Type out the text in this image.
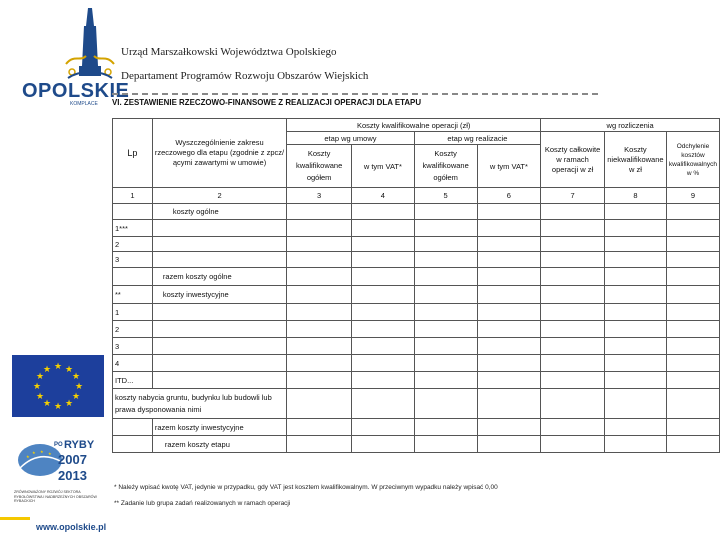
OPOLSKIE
KOMPLACE
★ ★
★
★
★
★
★
★
★
★
★
★
★
★ ★ ★
PO RYBY
2007
2013
ZRÓWNOWAŻONY ROZWÓJ SEKTORA RYBOŁÓWSTWA I NADBRZEŻNYCH OBSZARÓW RYBACKICH
www.opolskie.pl
Urząd Marszałkowski Województwa Opolskiego
Departament Programów Rozwoju Obszarów Wiejskich
VI. ZESTAWIENIE RZECZOWO-FINANSOWE Z REALIZACJI OPERACJI DLA ETAPU
Lp	Wyszczególnienie zakresu rzeczowego dla etapu (zgodnie z zpcz/ ącymi zawartymi w umowie)	Koszty kwalifikowalne operacji (zł)				wg rozliczenia		
		etap wg umowy		etap wg realizacie		Koszty całkowite w ramach operacji w zł	Koszty niekwalifikowane w zł	Odchylenie kosztów kwalifikowalnych w %
		Koszty kwalifikowane ogółem	w tym VAT*	Koszty kwalifikowane ogółem	w tym VAT*			
1	2	3	4	5	6	7	8	9
	koszty ogólne							
1***								
2								
3								
	razem koszty ogólne							
**	koszty inwestycyjne							
1								
2								
3								
4								
ITD...								
koszty nabycia gruntu, budynku lub budowli lub prawa dysponowania nimi								
	razem koszty inwestycyjne							
	razem koszty etapu							
* Należy wpisać kwotę VAT, jedynie w przypadku, gdy VAT jest kosztem kwalifikowalnym. W przeciwnym wypadku należy wpisać 0,00
** Zadanie lub grupa zadań realizowanych w ramach operacji
